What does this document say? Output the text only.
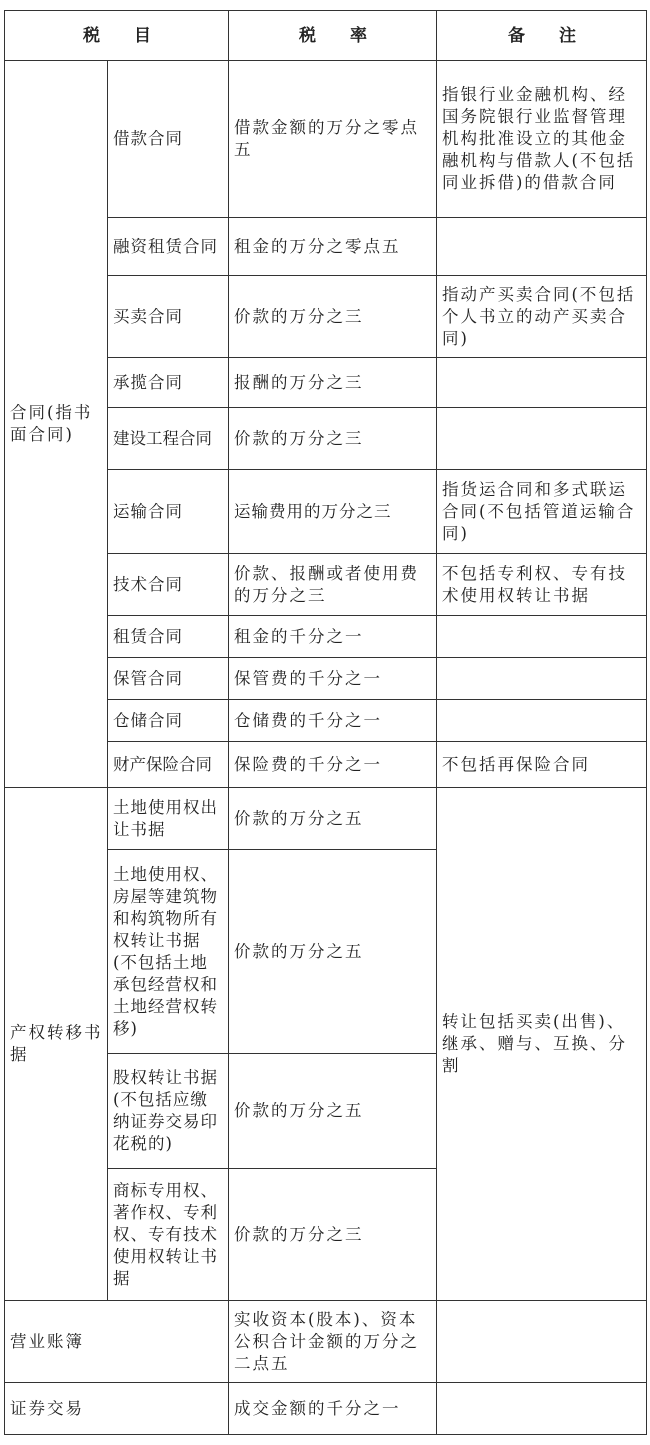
税　　目		税　　率	备　　注
合同(指书面合同)	借款合同	借款金额的万分之零点五	指银行业金融机构、经国务院银行业监督管理机构批准设立的其他金融机构与借款人(不包括同业拆借)的借款合同
	融资租赁合同	租金的万分之零点五	
	买卖合同	价款的万分之三	指动产买卖合同(不包括个人书立的动产买卖合同)
	承揽合同	报酬的万分之三	
	建设工程合同	价款的万分之三	
	运输合同	运输费用的万分之三	指货运合同和多式联运合同(不包括管道运输合同)
	技术合同	价款、报酬或者使用费的万分之三	不包括专利权、专有技术使用权转让书据
	租赁合同	租金的千分之一	
	保管合同	保管费的千分之一	
	仓储合同	仓储费的千分之一	
	财产保险合同	保险费的千分之一	不包括再保险合同
产权转移书据	土地使用权出让书据	价款的万分之五	转让包括买卖(出售)、继承、赠与、互换、分割
	土地使用权、房屋等建筑物和构筑物所有权转让书据(不包括土地承包经营权和土地经营权转移)	价款的万分之五	
	股权转让书据(不包括应缴纳证券交易印花税的)	价款的万分之五	
	商标专用权、著作权、专利权、专有技术使用权转让书据	价款的万分之三	
营业账簿		实收资本(股本)、资本公积合计金额的万分之二点五	
证券交易		成交金额的千分之一	
